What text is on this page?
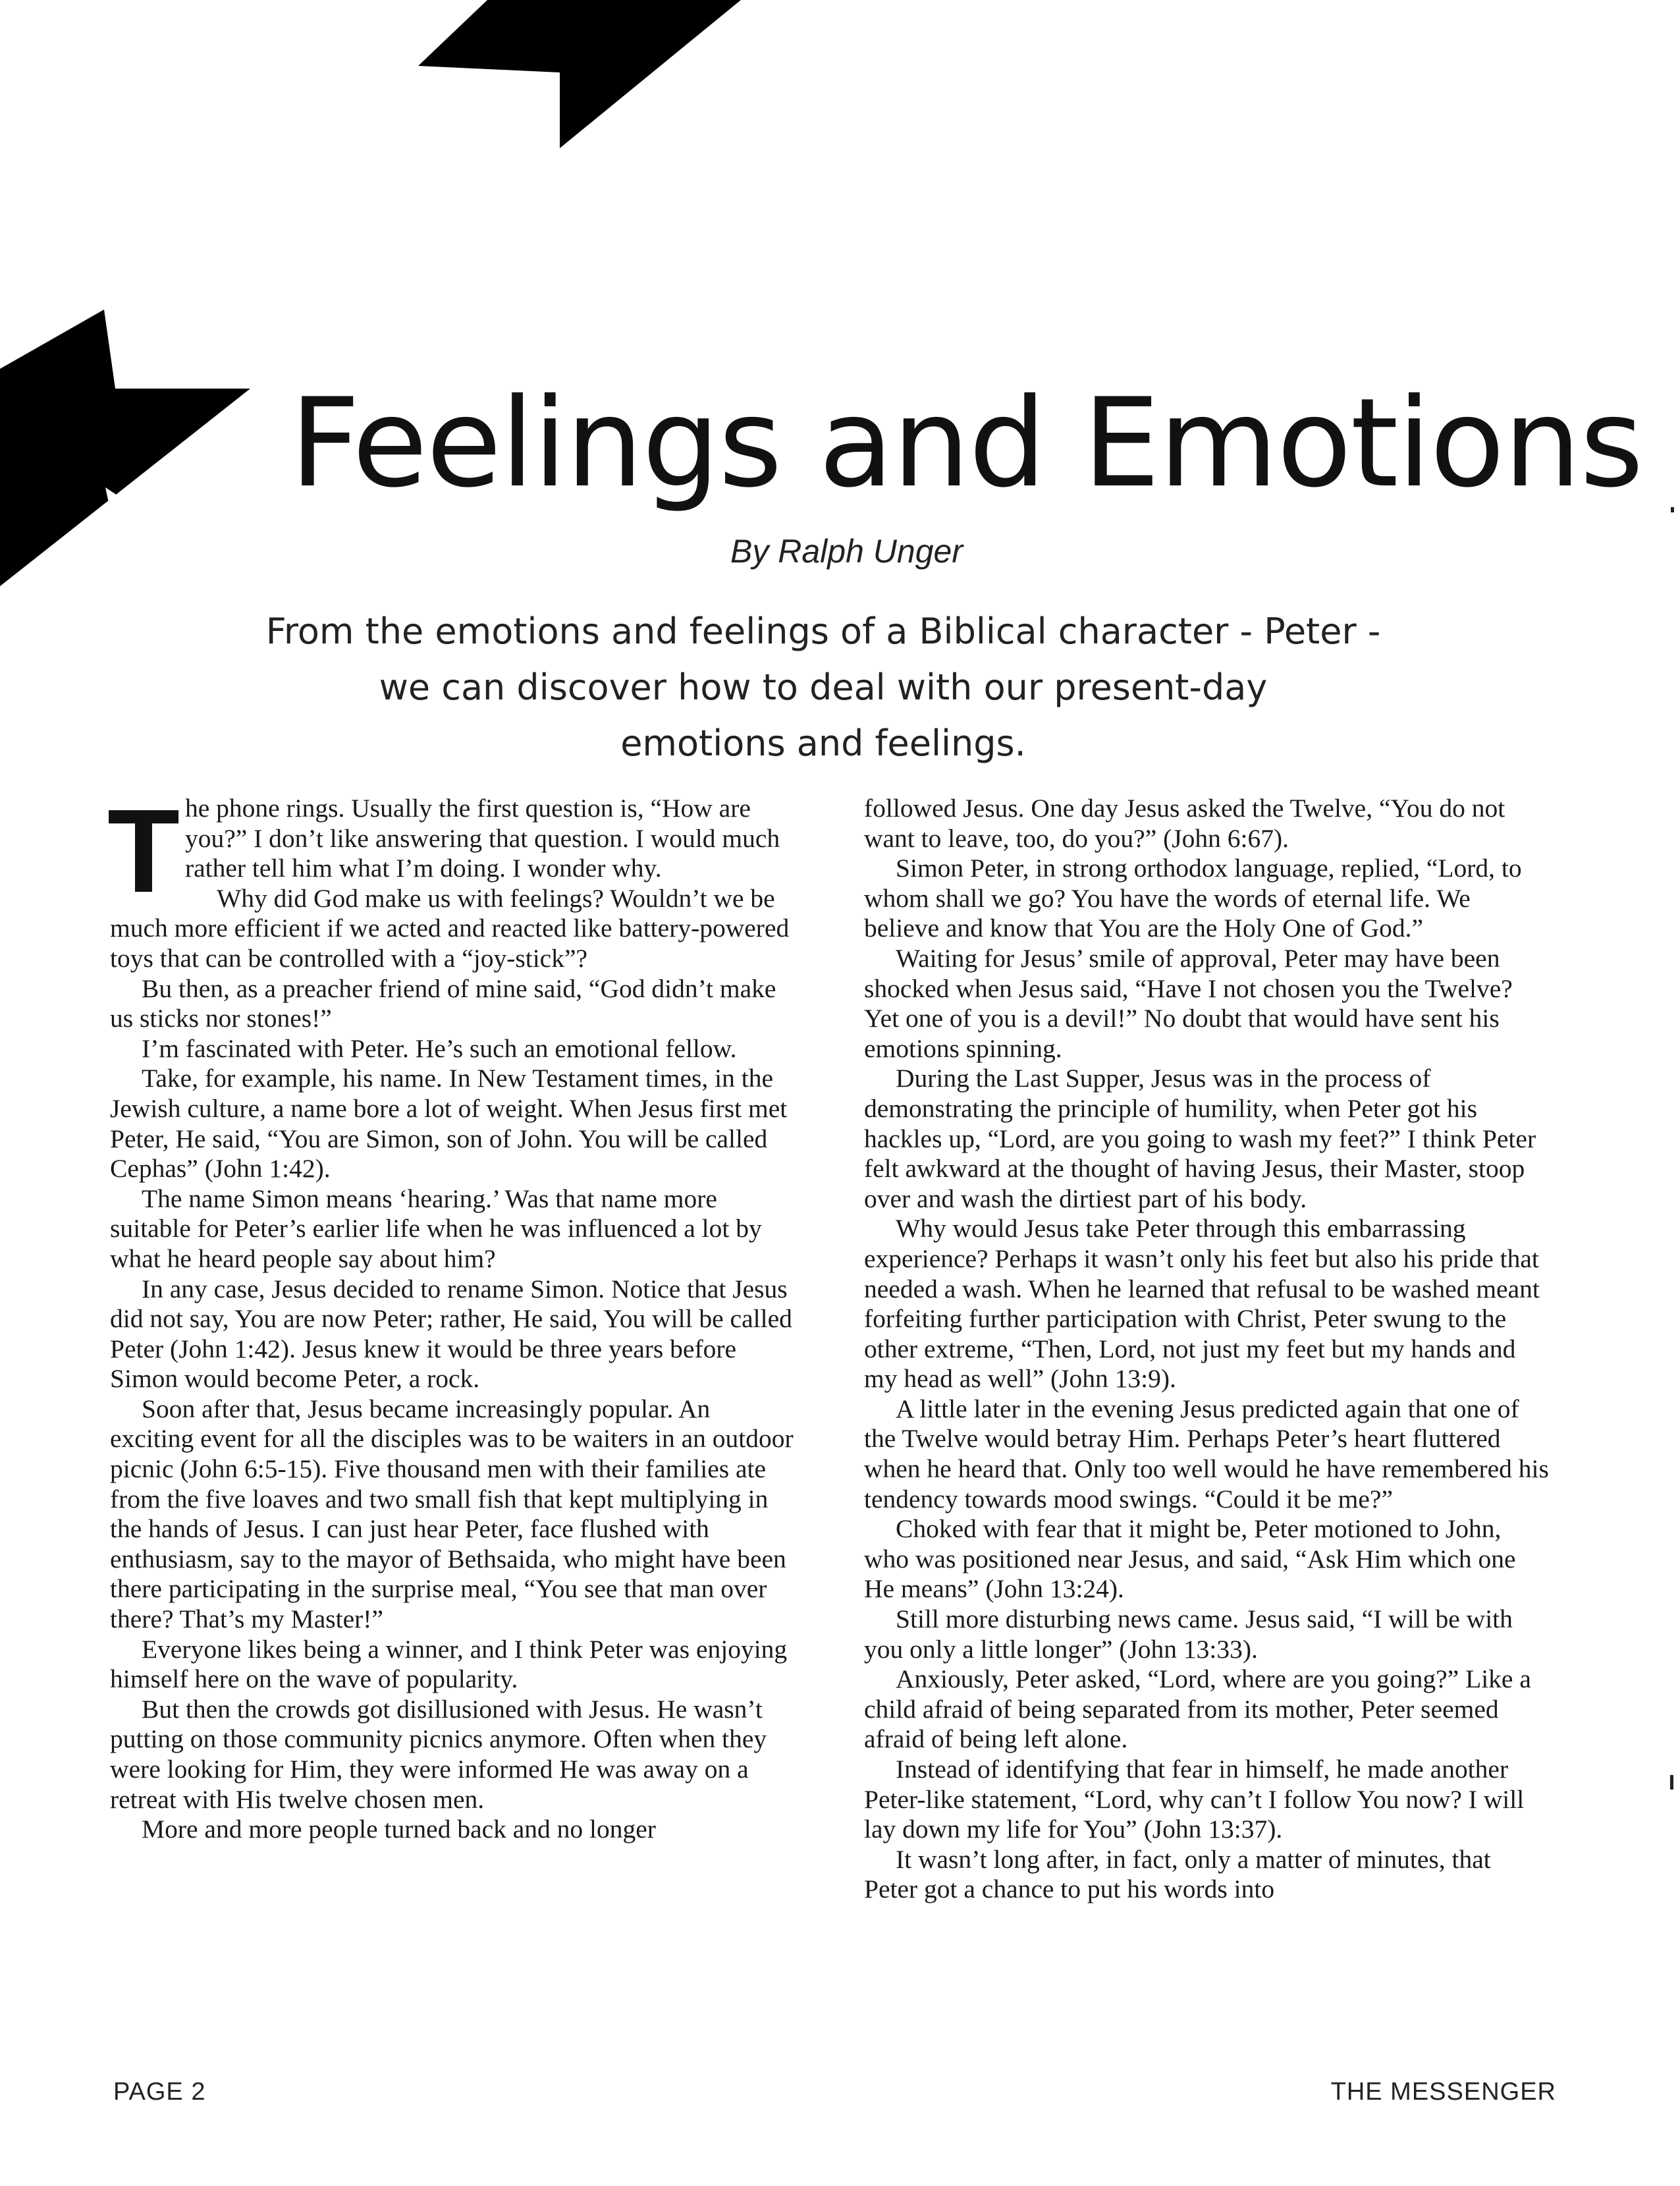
Feelings and Emotions
By Ralph Unger
From the emotions and feelings of a Biblical character - Peter -
we can discover how to deal with our present-day
emotions and feelings.

The phone rings. Usually the first question is, “How are you?” I don’t like answering that question. I would much rather tell him what I’m doing. I wonder why.

Why did God make us with feelings? Wouldn’t we be much more efficient if we acted and reacted like battery-powered toys that can be controlled with a “joy-stick”?

Bu then, as a preacher friend of mine said, “God didn’t make us sticks nor stones!”

I’m fascinated with Peter. He’s such an emotional fellow.

Take, for example, his name. In New Testament times, in the Jewish culture, a name bore a lot of weight. When Jesus first met Peter, He said, “You are Simon, son of John. You will be called Cephas” (John 1:42).

The name Simon means ‘hearing.’ Was that name more suitable for Peter’s earlier life when he was influenced a lot by what he heard people say about him?

In any case, Jesus decided to rename Simon. Notice that Jesus did not say, You are now Peter; rather, He said, You will be called Peter (John 1:42). Jesus knew it would be three years before Simon would become Peter, a rock.

Soon after that, Jesus became increasingly popular. An exciting event for all the disciples was to be waiters in an outdoor picnic (John 6:5-15). Five thousand men with their families ate from the five loaves and two small fish that kept multiplying in the hands of Jesus. I can just hear Peter, face flushed with enthusiasm, say to the mayor of Bethsaida, who might have been there participating in the surprise meal, “You see that man over there? That’s my Master!”

Everyone likes being a winner, and I think Peter was enjoying himself here on the wave of popularity.

But then the crowds got disillusioned with Jesus. He wasn’t putting on those community picnics anymore. Often when they were looking for Him, they were informed He was away on a retreat with His twelve chosen men.

More and more people turned back and no longer

followed Jesus. One day Jesus asked the Twelve, “You do not want to leave, too, do you?” (John 6:67).

Simon Peter, in strong orthodox language, replied, “Lord, to whom shall we go? You have the words of eternal life. We believe and know that You are the Holy One of God.”

Waiting for Jesus’ smile of approval, Peter may have been shocked when Jesus said, “Have I not chosen you the Twelve? Yet one of you is a devil!” No doubt that would have sent his emotions spinning.

During the Last Supper, Jesus was in the process of demonstrating the principle of humility, when Peter got his hackles up, “Lord, are you going to wash my feet?” I think Peter felt awkward at the thought of having Jesus, their Master, stoop over and wash the dirtiest part of his body.

Why would Jesus take Peter through this embarrassing experience? Perhaps it wasn’t only his feet but also his pride that needed a wash. When he learned that refusal to be washed meant forfeiting further participation with Christ, Peter swung to the other extreme, “Then, Lord, not just my feet but my hands and my head as well” (John 13:9).

A little later in the evening Jesus predicted again that one of the Twelve would betray Him. Perhaps Peter’s heart fluttered when he heard that. Only too well would he have remembered his tendency towards mood swings. “Could it be me?”

Choked with fear that it might be, Peter motioned to John, who was positioned near Jesus, and said, “Ask Him which one He means” (John 13:24).

Still more disturbing news came. Jesus said, “I will be with you only a little longer” (John 13:33).

Anxiously, Peter asked, “Lord, where are you going?” Like a child afraid of being separated from its mother, Peter seemed afraid of being left alone.

Instead of identifying that fear in himself, he made another Peter-like statement, “Lord, why can’t I follow You now? I will lay down my life for You” (John 13:37).

It wasn’t long after, in fact, only a matter of minutes, that Peter got a chance to put his words into

PAGE 2	THE MESSENGER
